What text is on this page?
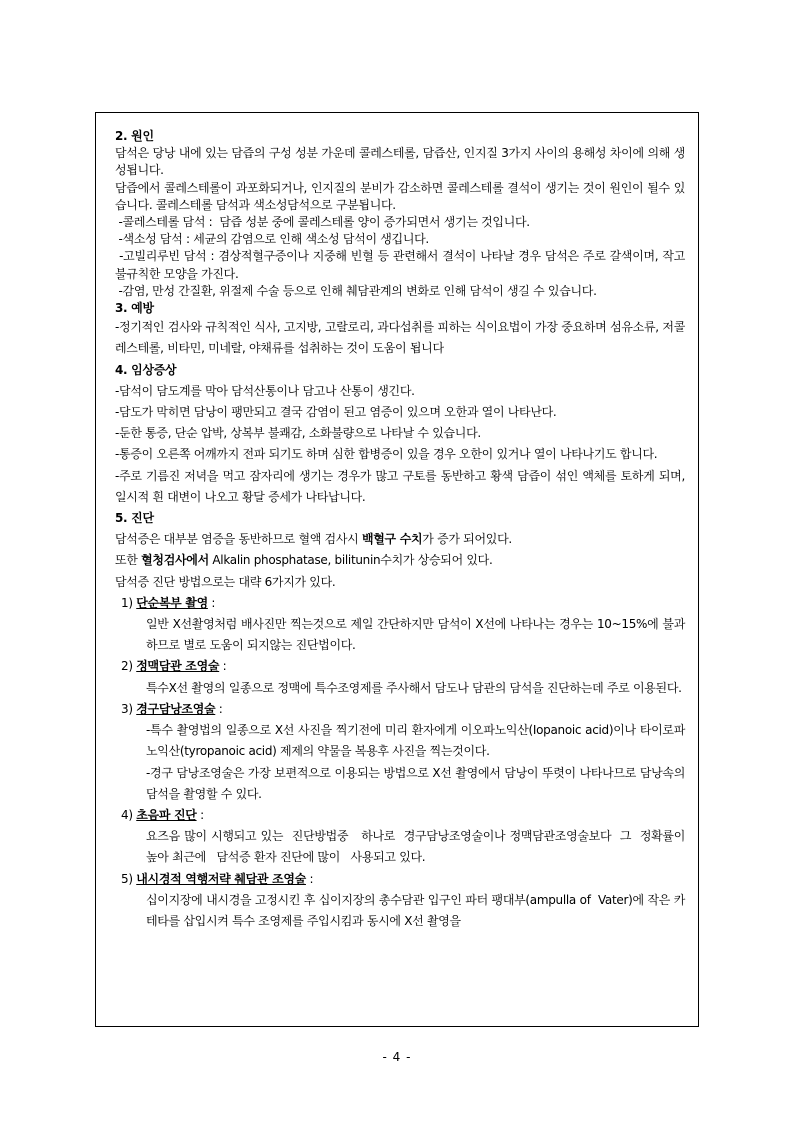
2. 원인
담석은 당낭 내에 있는 담즙의 구성 성분 가운데 콜레스테롤, 담즙산, 인지질 3가지 사이의 용해성 차이에 의해 생성됩니다.
담즙에서 콜레스테롤이 과포화되거나, 인지질의 분비가 감소하면 콜레스테롤 결석이 생기는 것이 원인이 될수 있습니다. 콜레스테롤 담석과 색소성담석으로 구분됩니다.
-콜레스테롤 담석 :  담즙 성분 중에 콜레스테롤 양이 증가되면서 생기는 것입니다.
-색소성 담석 : 세균의 감염으로 인해 색소성 담석이 생깁니다.
-고빌리루빈 담석 : 겸상적혈구증이나 지중해 빈혈 등 관련해서 결석이 나타날 경우 담석은 주로 갈색이며, 작고 불규칙한 모양을 가진다.
-감염, 만성 간질환, 위절제 수술 등으로 인해 췌담관계의 변화로 인해 담석이 생길 수 있습니다.
3. 예방
-정기적인 검사와 규칙적인 식사, 고지방, 고랄로리, 과다섭취를 피하는 식이요법이 가장 중요하며 섬유소류, 저콜레스테롤, 비타민, 미네랄, 야채류를 섭취하는 것이 도움이 됩니다
4. 임상증상
-담석이 담도계를 막아 담석산통이나 담고나 산통이 생긴다.
-담도가 막히면 담낭이 팽만되고 결국 감염이 된고 염증이 있으며 오한과 열이 나타난다.
-둔한 통증, 단순 압박, 상복부 불쾌감, 소화불량으로 나타날 수 있습니다.
-통증이 오른쪽 어깨까지 전파 되기도 하며 심한 합병증이 있을 경우 오한이 있거나 열이 나타나기도 합니다.
-주로 기름진 저녁을 먹고 잠자리에 생기는 경우가 많고 구토를 동반하고 황색 담즙이 섞인 액체를 토하게 되며, 일시적 흰 대변이 나오고 황달 증세가 나타납니다.
5. 진단
담석증은 대부분 염증을 동반하므로 혈액 검사시 백혈구 수치가 증가 되어있다.
또한 혈청검사에서 Alkalin phosphatase, bilitunin수치가 상승되어 있다.
담석증 진단 방법으로는 대략 6가지가 있다.
1) 단순복부 촬영 :
일반 X선촬영처럼 배사진만 찍는것으로 제일 간단하지만 담석이 X선에 나타나는 경우는 10~15%에 불과하므로 별로 도움이 되지않는 진단법이다.
2) 정맥담관 조영술 :
특수X선 촬영의 일종으로 정맥에 특수조영제를 주사해서 담도나 담관의 담석을 진단하는데 주로 이용된다.
3) 경구담낭조영술 :
-특수 촬영법의 일종으로 X선 사진을 찍기전에 미리 환자에게 이오파노익산(Iopanoic acid)이나 타이로파노익산(tyropanoic acid) 제제의 약물을 복용후 사진을 찍는것이다.
-경구 담낭조영술은 가장 보편적으로 이용되는 방법으로 X선 촬영에서 담낭이 뚜렷이 나타나므로 담낭속의 담석을 촬영할 수 있다.
4) 초음파 진단 :
요즈음 많이 시행되고 있는  진단방법중   하나로  경구담낭조영술이나 정맥담관조영술보다  그  정확률이  높아 최근에   담석증 환자 진단에 많이   사용되고 있다.
5) 내시경적 역행저략 췌담관 조영술 :
십이지장에 내시경을 고정시킨 후 십이지장의 총수담관 입구인 파터 팽대부(ampulla of  Vater)에 작은 카테타를 삽입시켜 특수 조영제를 주입시킴과 동시에 X선 촬영을
- 4 -
